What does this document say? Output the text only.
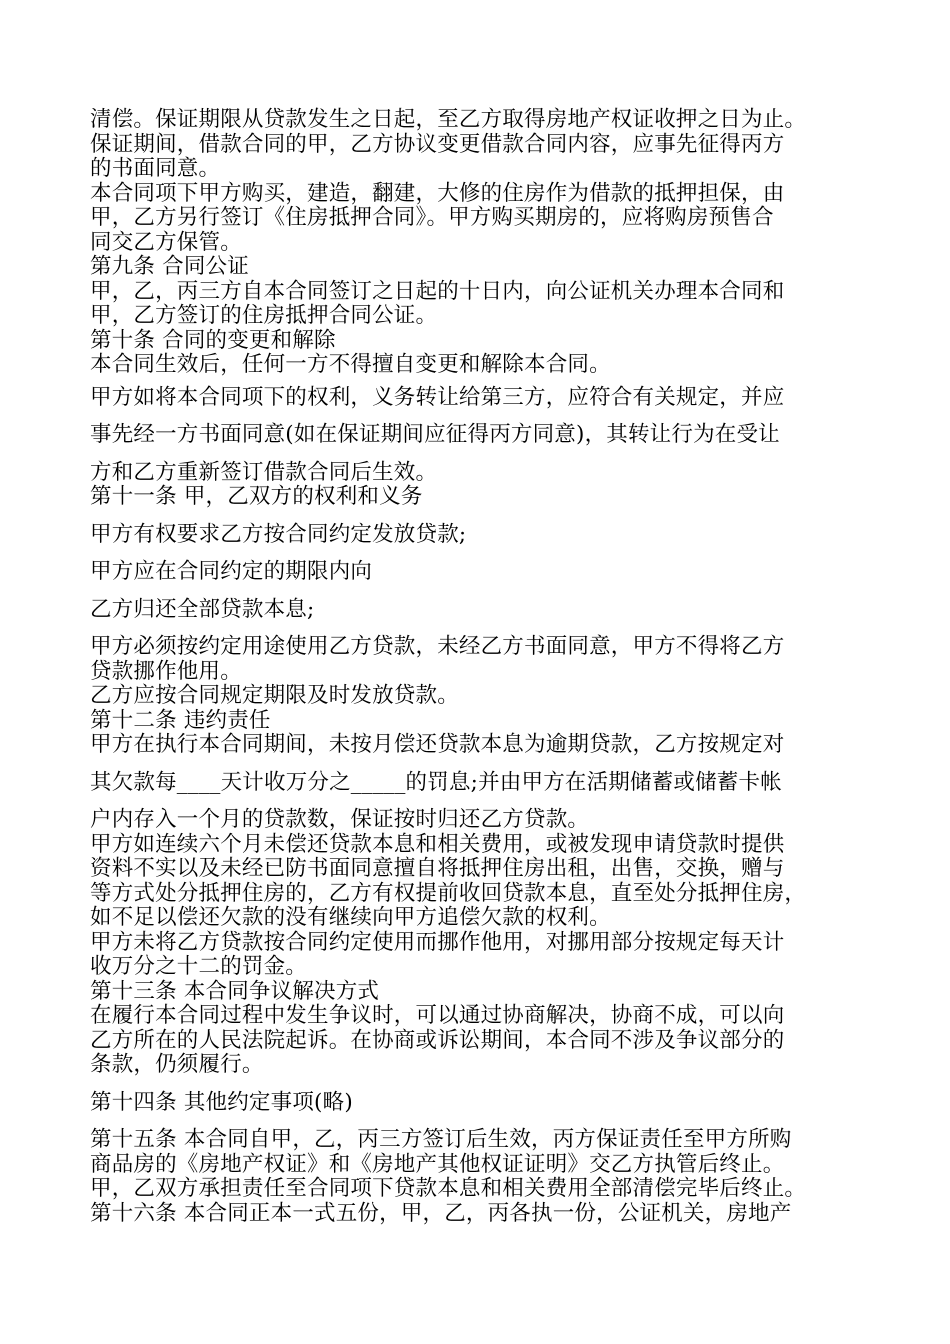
清偿。保证期限从贷款发生之日起，至乙方取得房地产权证收押之日为止。
保证期间，借款合同的甲，乙方协议变更借款合同内容，应事先征得丙方
的书面同意。
本合同项下甲方购买，建造，翻建，大修的住房作为借款的抵押担保，由
甲，乙方另行签订《住房抵押合同》。甲方购买期房的，应将购房预售合
同交乙方保管。
第九条 合同公证
甲，乙，丙三方自本合同签订之日起的十日内，向公证机关办理本合同和
甲，乙方签订的住房抵押合同公证。
第十条 合同的变更和解除
本合同生效后，任何一方不得擅自变更和解除本合同。
甲方如将本合同项下的权利，义务转让给第三方，应符合有关规定，并应
事先经一方书面同意(如在保证期间应征得丙方同意)，其转让行为在受让
方和乙方重新签订借款合同后生效。
第十一条 甲，乙双方的权利和义务
甲方有权要求乙方按合同约定发放贷款;
甲方应在合同约定的期限内向
乙方归还全部贷款本息;
甲方必须按约定用途使用乙方贷款，未经乙方书面同意，甲方不得将乙方
贷款挪作他用。
乙方应按合同规定期限及时发放贷款。
第十二条 违约责任
甲方在执行本合同期间，未按月偿还贷款本息为逾期贷款，乙方按规定对
其欠款每____天计收万分之_____的罚息;并由甲方在活期储蓄或储蓄卡帐
户内存入一个月的贷款数，保证按时归还乙方贷款。
甲方如连续六个月未偿还贷款本息和相关费用，或被发现申请贷款时提供
资料不实以及未经已防书面同意擅自将抵押住房出租，出售，交换，赠与
等方式处分抵押住房的，乙方有权提前收回贷款本息，直至处分抵押住房，
如不足以偿还欠款的没有继续向甲方追偿欠款的权利。
甲方未将乙方贷款按合同约定使用而挪作他用，对挪用部分按规定每天计
收万分之十二的罚金。
第十三条 本合同争议解决方式
在履行本合同过程中发生争议时，可以通过协商解决，协商不成，可以向
乙方所在的人民法院起诉。在协商或诉讼期间，本合同不涉及争议部分的
条款，仍须履行。
第十四条 其他约定事项(略)
第十五条 本合同自甲，乙，丙三方签订后生效，丙方保证责任至甲方所购
商品房的《房地产权证》和《房地产其他权证证明》交乙方执管后终止。
甲，乙双方承担责任至合同项下贷款本息和相关费用全部清偿完毕后终止。
第十六条 本合同正本一式五份，甲，乙，丙各执一份，公证机关，房地产
